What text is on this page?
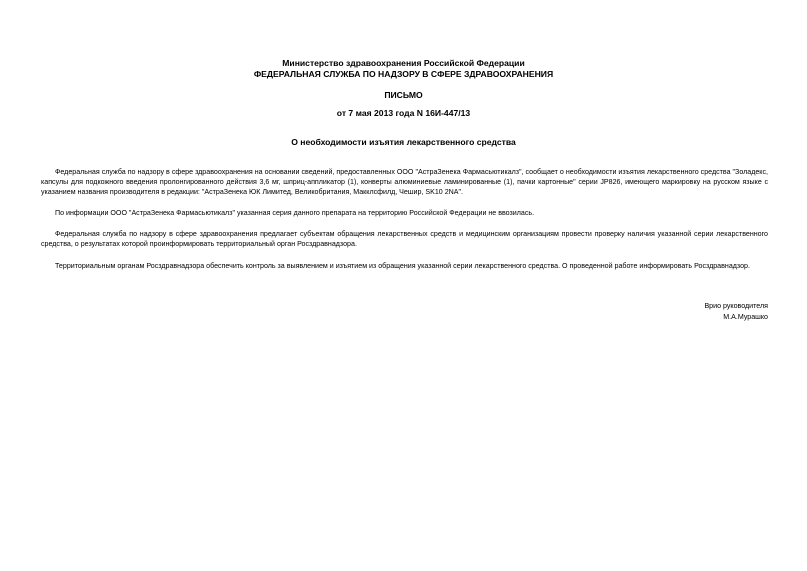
Министерство здравоохранения Российской Федерации
ФЕДЕРАЛЬНАЯ СЛУЖБА ПО НАДЗОРУ В СФЕРЕ ЗДРАВООХРАНЕНИЯ
ПИСЬМО
от 7 мая 2013 года N 16И-447/13
О необходимости изъятия лекарственного средства
Федеральная служба по надзору в сфере здравоохранения на основании сведений, предоставленных ООО "АстраЗенека Фармасьютикалз", сообщает о необходимости изъятия лекарственного средства "Золадекс, капсулы для подкожного введения пролонгированного действия 3,6 мг, шприц-аппликатор (1), конверты алюминиевые ламинированные (1), пачки картонные" серии JP826, имеющего маркировку на русском языке с указанием названия производителя в редакции: "АстраЗенека ЮК Лимитед, Великобритания, Макклсфилд, Чешир, SK10 2NA".
По информации ООО "АстраЗенека Фармасьютикалз" указанная серия данного препарата на территорию Российской Федерации не ввозилась.
Федеральная служба по надзору в сфере здравоохранения предлагает субъектам обращения лекарственных средств и медицинским организациям провести проверку наличия указанной серии лекарственного средства, о результатах которой проинформировать территориальный орган Росздравнадзора.
Территориальным органам Росздравнадзора обеспечить контроль за выявлением и изъятием из обращения указанной серии лекарственного средства. О проведенной работе информировать Росздравнадзор.
Врио руководителя
М.А.Мурашко
